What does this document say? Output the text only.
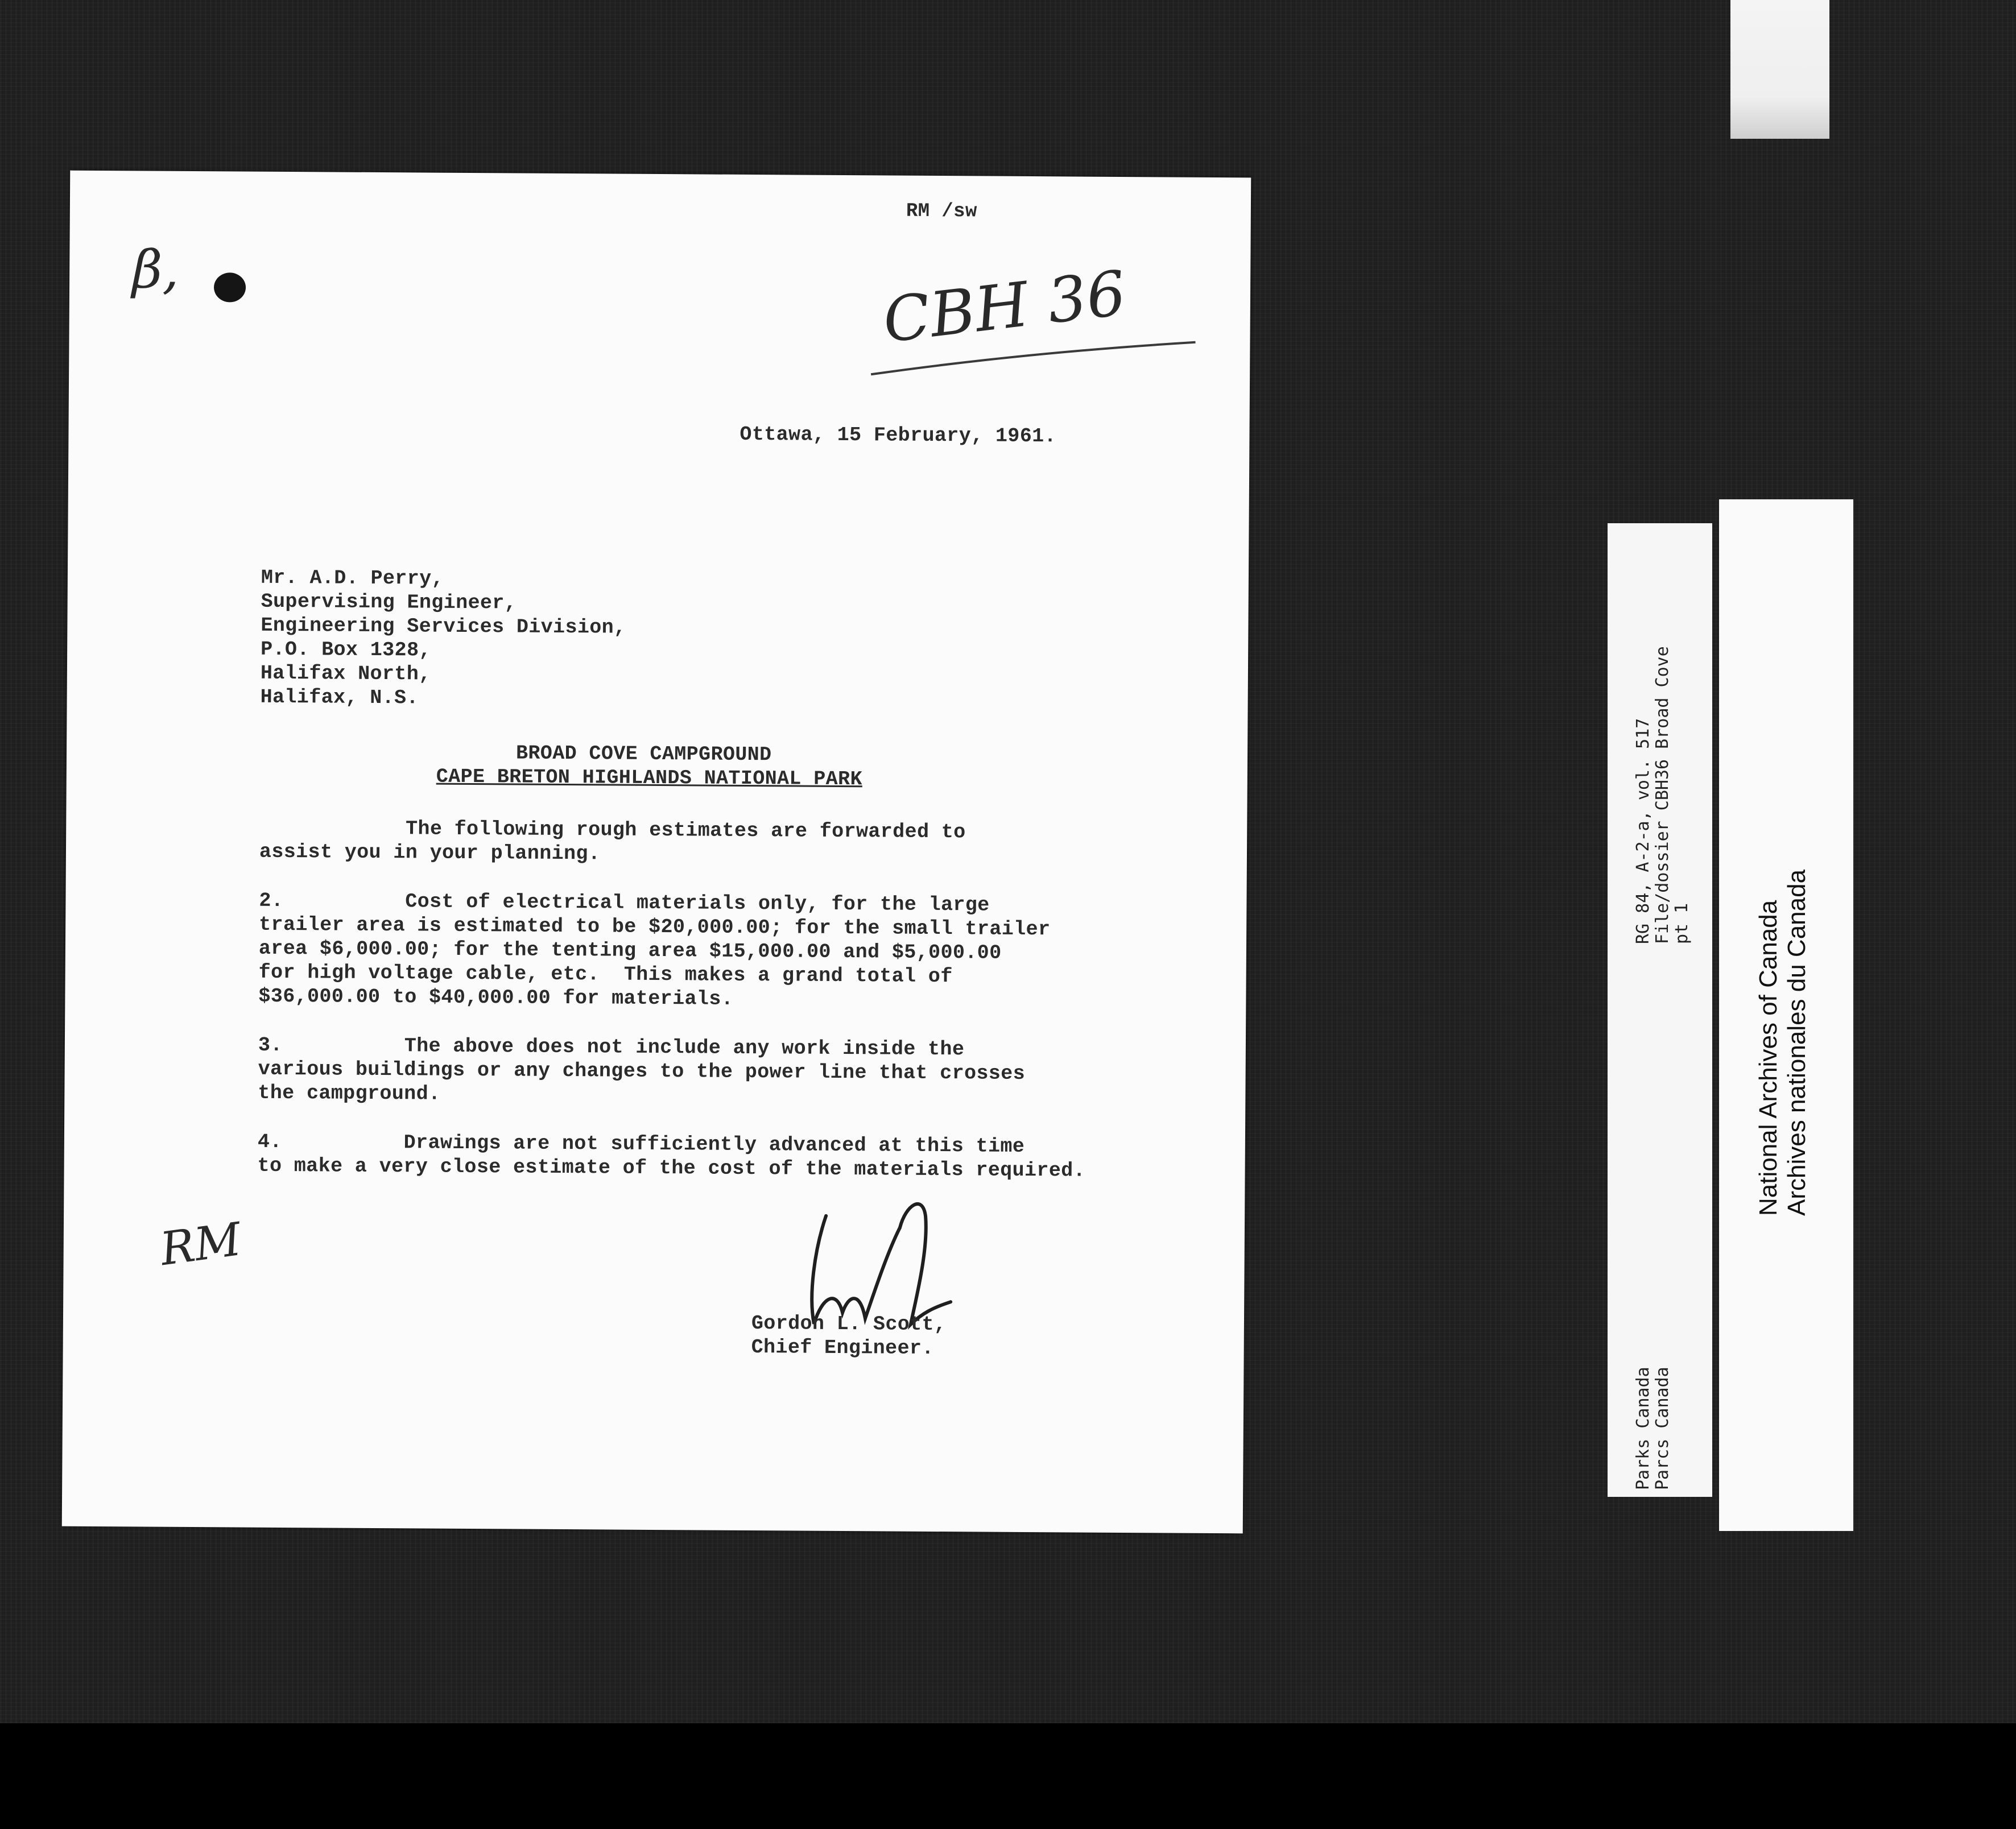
RM /sw
β,	CBH 36
Ottawa, 15 February, 1961.
Mr. A.D. Perry,
Supervising Engineer,
Engineering Services Division,
P.O. Box 1328,
Halifax North,
Halifax, N.S.
BROAD COVE CAMPGROUND
CAPE BRETON HIGHLANDS NATIONAL PARK
The following rough estimates are forwarded to
assist you in your planning.
2.          Cost of electrical materials only, for the large
trailer area is estimated to be $20,000.00; for the small trailer
area $6,000.00; for the tenting area $15,000.00 and $5,000.00
for high voltage cable, etc.  This makes a grand total of
$36,000.00 to $40,000.00 for materials.
3.          The above does not include any work inside the
various buildings or any changes to the power line that crosses
the campground.
4.          Drawings are not sufficiently advanced at this time
to make a very close estimate of the cost of the materials required.
RM
Gordon L. Scott,
Chief Engineer.
RG 84, A-2-a, vol. 517
File/dossier CBH36 Broad Cove
pt 1
Parks Canada
Parcs Canada
National Archives of Canada
Archives nationales du Canada
